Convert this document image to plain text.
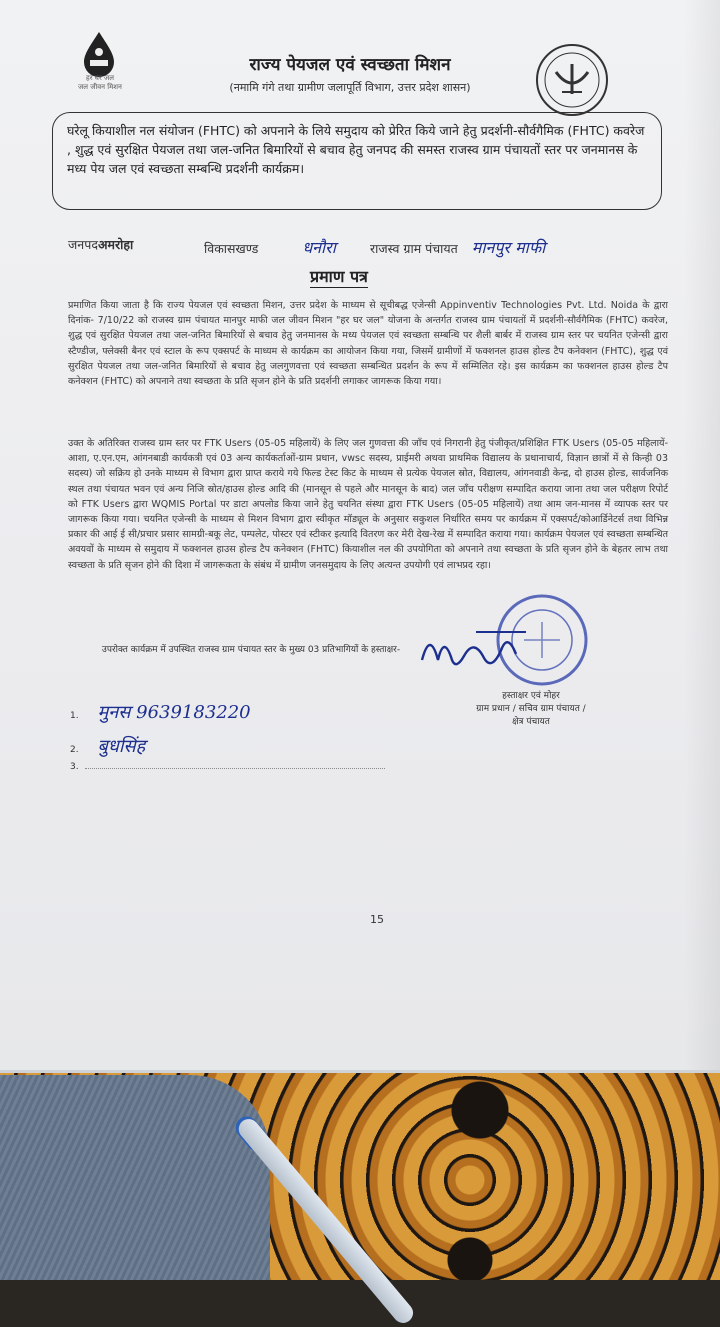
हर घर जल
जल जीवन मिशन
राज्य पेयजल एवं स्वच्छता मिशन
(नमामि गंगे तथा ग्रामीण जलापूर्ति विभाग, उत्तर प्रदेश शासन)
घरेलू कियाशील नल संयोजन (FHTC) को अपनाने के लिये समुदाय को प्रेरित किये जाने हेतु प्रदर्शनी-सौर्वगैमिक (FHTC) कवरेज , शुद्ध एवं सुरक्षित पेयजल तथा जल-जनित बिमारियों से बचाव हेतु जनपद की समस्त राजस्व ग्राम पंचायतों स्तर पर जनमानस के मध्य पेय जल एवं स्वच्छता सम्बन्धि प्रदर्शनी कार्यक्रम।
जनपदअमरोहा	विकासखण्ड	धनौरा	राजस्व ग्राम पंचायत मानपुर माफी
प्रमाण पत्र
प्रमाणित किया जाता है कि राज्य पेयजल एवं स्वच्छता मिशन, उत्तर प्रदेश के माध्यम से सूचीबद्ध एजेन्सी Appinventiv Technologies Pvt. Ltd. Noida के द्वारा दिनांक- 7/10/22 को राजस्व ग्राम पंचायत मानपुर माफी जल जीवन मिशन "हर घर जल" योजना के अन्तर्गत राजस्व ग्राम पंचायतों में प्रदर्शनी-सौर्वगैमिक (FHTC) कवरेज, शुद्ध एवं सुरक्षित पेयजल तथा जल-जनित बिमारियों से बचाव हेतु जनमानस के मध्य पेयजल एवं स्वच्छता सम्बन्धि पर शैली बार्बर में राजस्व ग्राम स्तर पर चयनित एजेन्सी द्वारा स्टैण्डीज, फ्लेक्सी बैनर एवं स्टाल के रूप एक्सपर्ट के माध्यम से कार्यक्रम का आयोजन किया गया, जिसमें ग्रामीणों में फक्शनल हाउस होल्ड टैप कनेक्शन (FHTC), शुद्ध एवं सुरक्षित पेयजल तथा जल-जनित बिमारियों से बचाव हेतु जलगुणवत्ता एवं स्वच्छता सम्बन्धित प्रदर्शन के रूप में सम्मिलित रहे। इस कार्यक्रम का फक्शनल हाउस होल्ड टैप कनेक्शन (FHTC) को अपनाने तथा स्वच्छता के प्रति सृजन होने के प्रति प्रदर्शनी लगाकर जागरूक किया गया।
उक्त के अतिरिक्त राजस्व ग्राम स्तर पर FTK Users (05-05 महिलायें) के लिए जल गुणवत्ता की जाँच एवं निगरानी हेतु पंजीकृत/प्रशिक्षित FTK Users (05-05 महिलायें-आशा, ए.एन.एम, आंगनबाडी कार्यकत्री एवं 03 अन्य कार्यकर्ताओं-ग्राम प्रधान, vwsc सदस्य, प्राईमरी अथवा प्राथमिक विद्यालय के प्रधानाचार्य, विज्ञान छात्रों में से किन्ही 03 सदस्य) जो सक्रिय हो उनके माध्यम से विभाग द्वारा प्राप्त कराये गये फिल्ड टेस्ट किट के माध्यम से प्रत्येक पेयजल स्रोत, विद्यालय, आंगनवाडी केन्द्र, दो हाउस होल्ड, सार्वजनिक स्थल तथा पंचायत भवन एवं अन्य निजि स्रोत/हाउस होल्ड आदि की (मानसून से पहले और मानसून के बाद) जल जाँच परीक्षण सम्पादित कराया जाना तथा जल परीक्षण रिपोर्ट को FTK Users द्वारा WQMIS Portal पर डाटा अपलोड किया जाने हेतु चयनित संस्था द्वारा FTK Users (05-05 महिलायें) तथा आम जन-मानस में व्यापक स्तर पर जागरूक किया गया। चयनित एजेन्सी के माध्यम से मिशन विभाग द्वारा स्वीकृत मॉड्यूल के अनुसार सकुशल निर्धारित समय पर कार्यक्रम में एक्सपर्ट/कोआर्डिनेटर्स तथा विभिन्न प्रकार की आई ई सी/प्रचार प्रसार सामग्री-बकू लेट, पम्पलेट, पोस्टर एवं स्टीकर इत्यादि वितरण कर मेरी देख-रेख में सम्पादित कराया गया। कार्यक्रम पेयजल एवं स्वच्छता सम्बन्धित अवयवों के माध्यम से समुदाय में फक्शनल हाउस होल्ड टैप कनेक्शन (FHTC) कियाशील नल की उपयोगिता को अपनाने तथा स्वच्छता के प्रति सृजन होने के बेहतर लाभ तथा स्वच्छता के प्रति सृजन होने की दिशा में जागरूकता के संबंध में ग्रामीण जनसमुदाय के लिए अत्यन्त उपयोगी एवं लाभप्रद रहा।
हस्ताक्षर एवं मोहर
ग्राम प्रधान / सचिव ग्राम पंचायत /
क्षेत्र पंचायत
उपरोक्त कार्यक्रम में उपस्थित राजस्व ग्राम पंचायत स्तर के मुख्य 03 प्रतिभागियों के हस्ताक्षर-
1. मुनस 9639183220
2. बुधसिंह
3.
15
